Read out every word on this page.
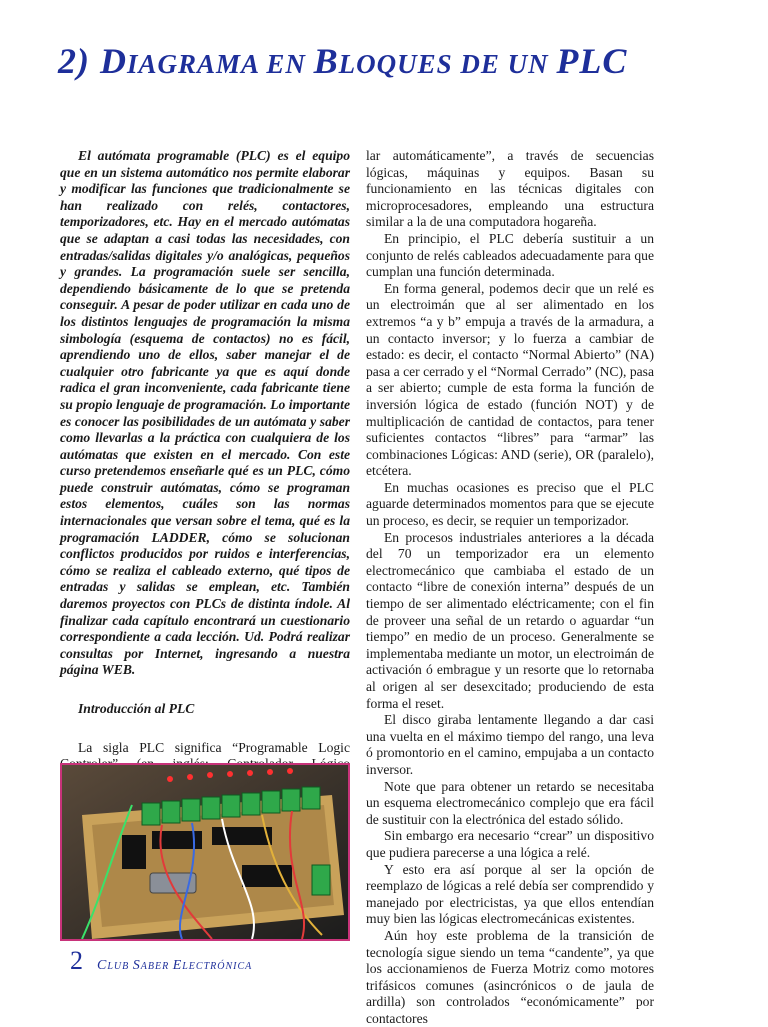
2) DIAGRAMA EN BLOQUES DE UN PLC

El autómata programable (PLC) es el equipo que en un sistema automático nos permite elaborar y modificar las funciones que tradicionalmente se han realizado con relés, contactores, temporizadores, etc. Hay en el mercado autómatas que se adaptan a casi todas las necesidades, con entradas/salidas digitales y/o analógicas, pequeños y grandes. La programación suele ser sencilla, dependiendo básicamente de lo que se pretenda conseguir. A pesar de poder utilizar en cada uno de los distintos lenguajes de programación la misma simbología (esquema de contactos) no es fácil, aprendiendo uno de ellos, saber manejar el de cualquier otro fabricante ya que es aquí donde radica el gran inconveniente, cada fabricante tiene su propio lenguaje de programación. Lo importante es conocer las posibilidades de un autómata y saber como llevarlas a la práctica con cualquiera de los autómatas que existen en el mercado. Con este curso pretendemos enseñarle qué es un PLC, cómo puede construir autómatas, cómo se programan estos elementos, cuáles son las normas internacionales que versan sobre el tema, qué es la programación LADDER, cómo se solucionan conflictos producidos por ruidos e interferencias, cómo se realiza el cableado externo, qué tipos de entradas y salidas se emplean, etc. También daremos proyectos con PLCs de distinta índole. Al finalizar cada capítulo encontrará un cuestionario correspondiente a cada lección. Ud. Podrá realizar consultas por Internet, ingresando a nuestra página WEB.

Introducción al PLC

La sigla PLC significa “Programable Logic

lar automáticamente”, a través de secuencias lógicas, máquinas y equipos. Basan su funcionamiento en las técnicas digitales con microprocesadores, empleando una estructura similar a la de una computadora hogareña.

En principio, el PLC debería sustituir a un conjunto de relés cableados adecuadamente para que cumplan una función determinada.

En forma general, podemos decir que un relé es un electroimán que al ser alimentado en los extremos “a y b” empuja a través de la armadura, a un contacto inversor; y lo fuerza a cambiar de estado: es decir, el contacto “Normal Abierto” (NA) pasa a cer cerrado y el “Normal Cerrado” (NC), pasa a ser abierto; cumple de esta forma la función de inversión lógica de estado (función NOT) y de multiplicación de cantidad de contactos, para tener suficientes contactos “libres” para “armar” las combinaciones Lógicas: AND (serie), OR (paralelo), etcétera.

En muchas ocasiones es preciso que el PLC aguarde determinados momentos para que se ejecute un proceso, es decir, se requier un temporizador.

En procesos industriales anteriores a la década del 70 un temporizador era un elemento electromecánico que cambiaba el estado de un contacto “libre de conexión interna” después de un tiempo de ser alimentado eléctricamente; con el fin de proveer una señal de un retardo o aguardar “un tiempo” en medio de un proceso. Generalmente se implementaba mediante un motor, un electroimán de activación ó embrague y un resorte que lo retornaba al origen al ser desexcitado; produciendo de esta forma el reset.

El disco giraba lentamente llegando a dar casi una vuelta en el máximo tiempo del rango, una leva ó promontorio en el camino, empujaba a un contacto inversor.

Note que para obtener un retardo se necesitaba un esquema electromecánico complejo que era fácil de sustituir con la electrónica del estado sólido.

Sin embargo era necesario “crear” un dispositivo que pudiera parecerse a una lógica a relé.

Y esto era así porque al ser la opción de reemplazo de lógicas a relé debía ser comprendido y manejado por electricistas, ya que ellos entendían muy bien las lógicas electromecánicas existentes.

Aún hoy este problema de la transición de tecnología sigue siendo un tema “candente”, ya que los accionamienos de Fuerza Motriz como motores trifásicos comunes (asincrónicos o de jaula de ardilla) son controlados “económicamente” por contactores

2 CLUB SABER ELECTRÓNICA
